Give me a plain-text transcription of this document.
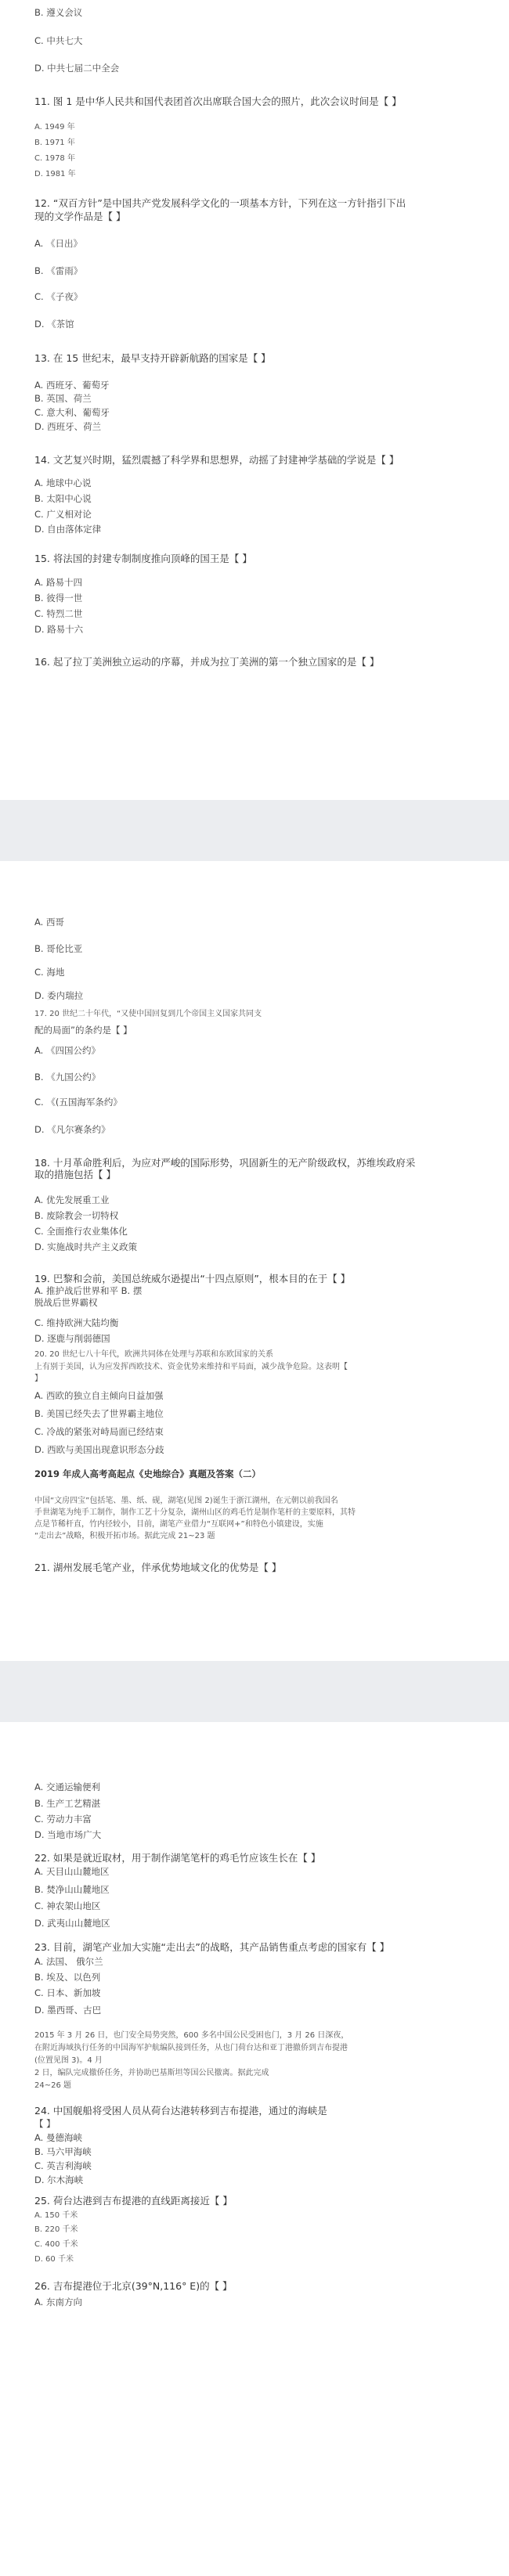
B. 遵义会议
C. 中共七大
D. 中共七届二中全会
11. 图 1 是中华人民共和国代表团首次出席联合国大会的照片，此次会议时间是【 】
A. 1949 年
B. 1971 年
C. 1978 年
D. 1981 年
12. “双百方针”是中国共产党发展科学文化的一项基本方针，下列在这一方针指引下出
现的文学作品是【 】
A. 《日出》
B. 《雷雨》
C. 《子夜》
D. 《茶馆
13. 在 15 世纪末，最早支持开辟新航路的国家是【 】
A. 西班牙、葡萄牙
B. 英国、荷兰
C. 意大利、葡萄牙
D. 西班牙、荷兰
14. 文艺复兴时期，猛烈震撼了科学界和思想界，动摇了封建神学基础的学说是【 】
A. 地球中心说
B. 太阳中心说
C. 广义相对论
D. 自由落体定律
15. 将法国的封建专制制度推向顶峰的国王是【 】
A. 路易十四
B. 彼得一世
C. 特烈二世
D. 路易十六
16. 起了拉丁美洲独立运动的序幕，并成为拉丁美洲的第一个独立国家的是【 】
A. 西哥
B. 哥伦比亚
C. 海地
D. 委内瑞拉
17. 20 世纪二十年代，“又使中国回复到几个帝国主义国家共同支
配的局面”的条约是【 】
A. 《四国公约》
B. 《九国公约》
C. 《(五国海军条约》
D. 《凡尔赛条约》
18. 十月革命胜利后，为应对严峻的国际形势，巩固新生的无产阶级政权，苏维埃政府采
取的措施包括【 】
A. 优先发展重工业
B. 废除教会一切特权
C. 全面推行农业集体化
D. 实施战时共产主义政策
19. 巴黎和会前，美国总统威尔逊提出“十四点原则”，根本目的在于【 】
A. 推护战后世界和平 B. 摆
脱战后世界霸权
C. 维持欧洲大陆均衡
D. 逐鹿与削弱德国
20. 20 世纪七八十年代，欧洲共同体在处理与苏联和东欧国家的关系
上有别于美国，认为应发挥西欧技术、资金优势来维持和平局面，减少战争危险。这表明【
】
A. 西欧的独立自主倾向日益加强
B. 美国已经失去了世界霸主地位
C. 冷战的紧张对峙局面已经结束
D. 西欧与美国出现意识形态分歧
2019 年成人高考高起点《史地综合》真题及答案（二）
中国“文房四宝”包括笔、墨、纸、砚，湖笔(见图 2)诞生于浙江湖州，在元朝以前我国名
手世湖笔为纯手工制作，制作工艺十分复杂，湖州山区的鸡毛竹是制作笔杆的主要原料，其特
点是节稀杆直，竹内径较小，目前，湖笔产业借力“互联网+”和特色小镇建设，实施
“走出去”战略，积极开拓市场。据此完成 21~23 题
21. 湖州发展毛笔产业，伴承优势地域文化的优势是【 】
A. 交通运输便利
B. 生产工艺精湛
C. 劳动力丰富
D. 当地市场广大
22. 如果是就近取材，用于制作湖笔笔杆的鸡毛竹应该生长在【 】
A. 天目山山麓地区
B. 焚净山山麓地区
C. 神农架山地区
D. 武夷山山麓地区
23. 目前，湖笔产业加大实施“走出去”的战略，其产品销售重点考虑的国家有【 】
A. 法国、 俄尔兰
B. 埃及、以色列
C. 日本、新加坡
D. 墨西哥、古巴
2015 年 3 月 26 日，也门安全局势突然，600 多名中国公民受困也门，3 月 26 日深夜，
在附近海域执行任务的中国海军护航编队接到任务，从也门荷台达和亚丁港撤侨到吉布提港
(位置见图 3)。4 月
2 日，编队完成撤侨任务，并协助巴基斯坦等国公民撤离。据此完成
24~26 题
24. 中国舰船将受困人员从荷台达港转移到吉布提港，通过的海峡是
【 】
A. 曼德海峡
B. 马六甲海峡
C. 英吉利海峡
D. 尔木海峡
25. 荷台达港到吉布提港的直线距离接近【 】
A. 150 千米
B. 220 千米
C. 400 千米
D. 60 千米
26. 吉布提港位于北京(39°N,116° E)的【 】
A. 东南方向
